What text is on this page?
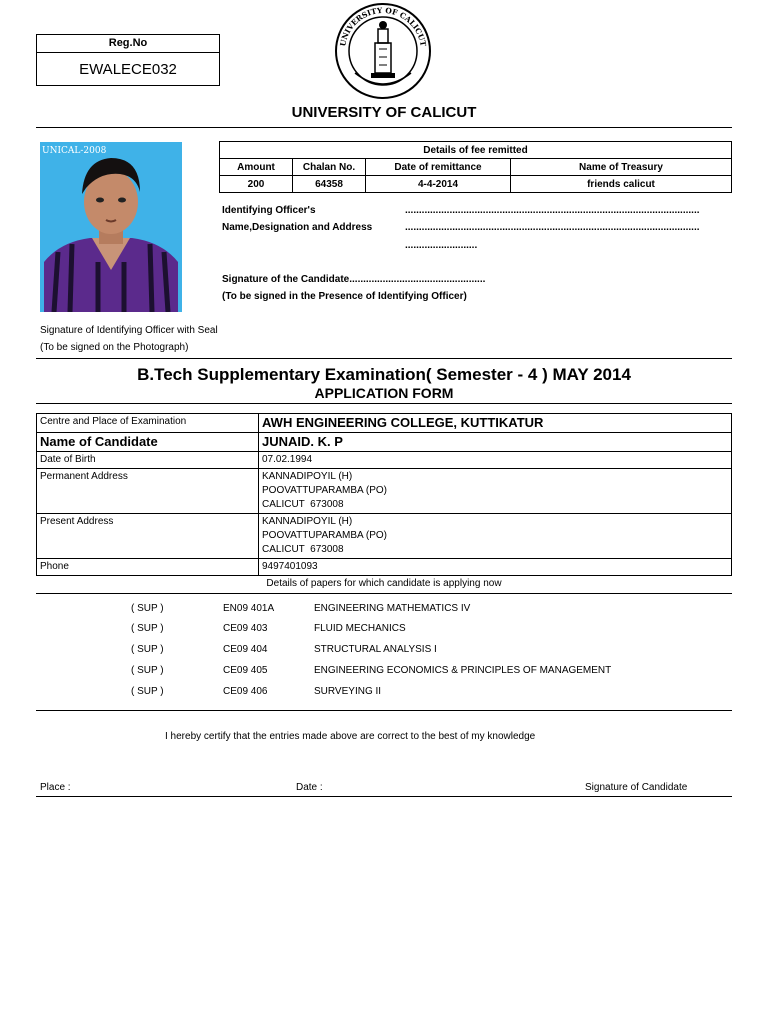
Reg.No
EWALECE032
UNIVERSITY OF CALICUT
UNIVERSITY OF CALICUT
UNICAL-2008	Details of fee remitted			
Amount	Chalan No.	Date of remittance	Name of Treasury
200	64358	4-4-2014	friends calicut
Identifying Officer's
Name,Designation and Address
..........................................................................................................
..........................................................................................................
..........................
Signature of the Candidate.................................................
(To be signed in the Presence of Identifying Officer)
Signature of Identifying Officer with Seal
(To be signed on the Photograph)
B.Tech Supplementary Examination( Semester - 4 ) MAY 2014
APPLICATION FORM
Centre and Place of Examination	AWH ENGINEERING COLLEGE, KUTTIKATUR
Name of Candidate	JUNAID. K. P
Date of Birth	07.02.1994
Permanent Address	KANNADIPOYIL (H)
POOVATTUPARAMBA (PO)
CALICUT  673008

Present Address	KANNADIPOYIL (H)
POOVATTUPARAMBA (PO)
CALICUT  673008

Phone	9497401093
Details of papers for which candidate is applying now
( SUP )	EN09 401A	ENGINEERING MATHEMATICS IV
( SUP )	CE09 403	FLUID MECHANICS
( SUP )	CE09 404	STRUCTURAL ANALYSIS I
( SUP )	CE09 405	ENGINEERING ECONOMICS & PRINCIPLES OF MANAGEMENT
( SUP )	CE09 406	SURVEYING II
I hereby certify that the entries made above are correct to the best of my knowledge
Place :	Date :	Signature of Candidate
